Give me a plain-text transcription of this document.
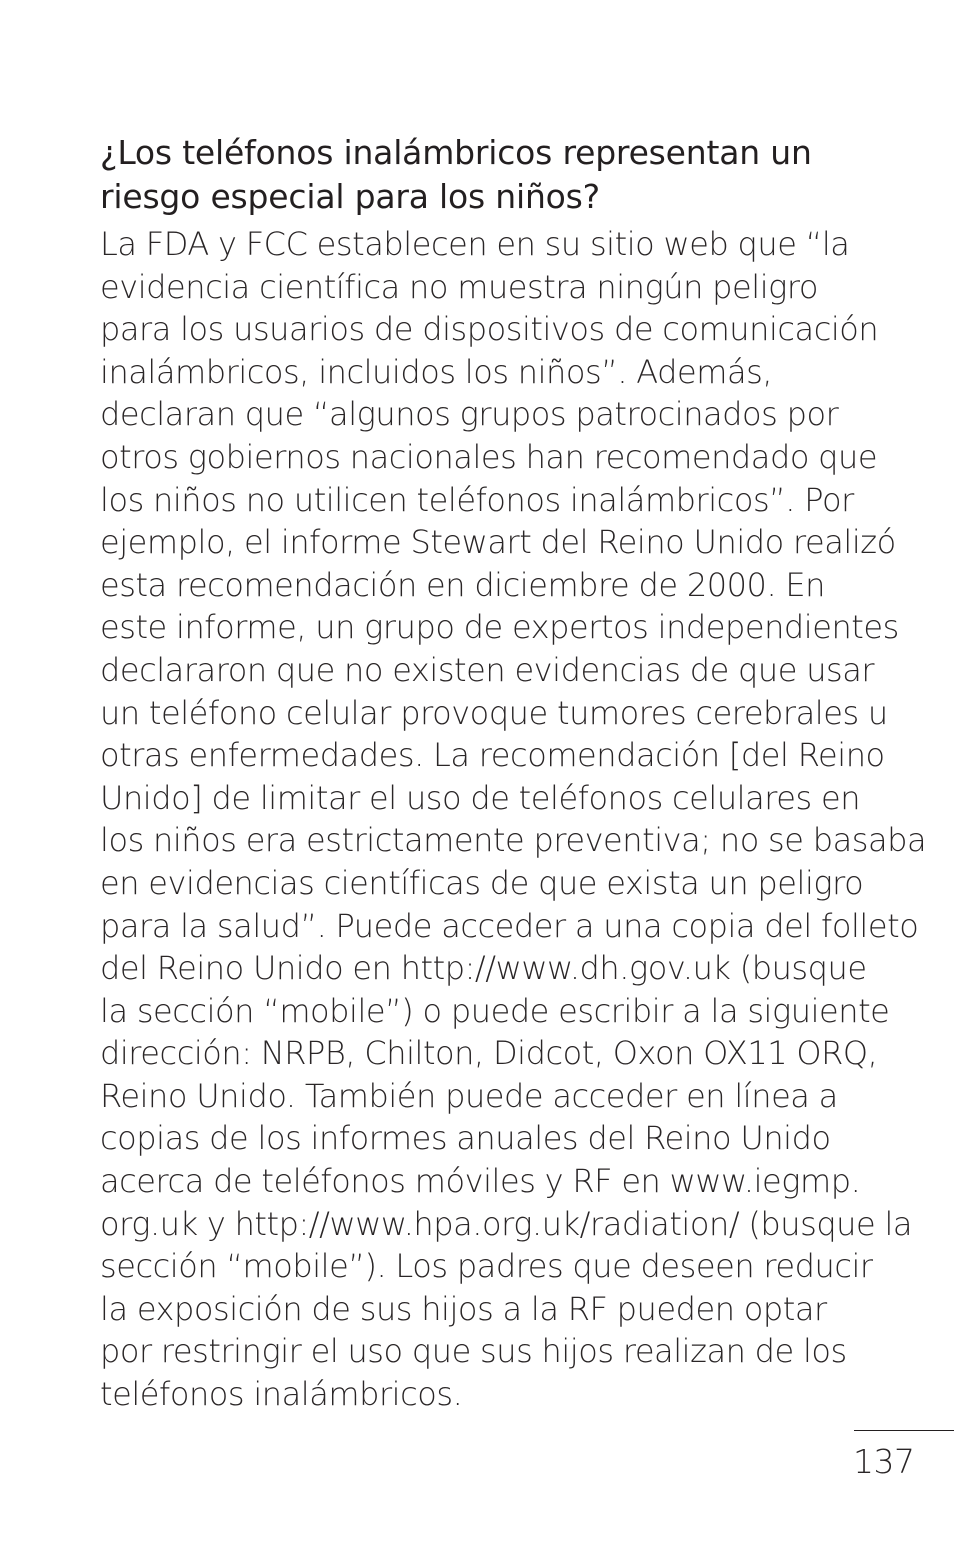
¿Los teléfonos inalámbricos representan un
riesgo especial para los niños?

La FDA y FCC establecen en su sitio web que “la
evidencia científica no muestra ningún peligro
para los usuarios de dispositivos de comunicación
inalámbricos, incluidos los niños”. Además,
declaran que “algunos grupos patrocinados por
otros gobiernos nacionales han recomendado que
los niños no utilicen teléfonos inalámbricos”. Por
ejemplo, el informe Stewart del Reino Unido realizó
esta recomendación en diciembre de 2000. En
este informe, un grupo de expertos independientes
declararon que no existen evidencias de que usar
un teléfono celular provoque tumores cerebrales u
otras enfermedades. La recomendación [del Reino
Unido] de limitar el uso de teléfonos celulares en
los niños era estrictamente preventiva; no se basaba
en evidencias científicas de que exista un peligro
para la salud”. Puede acceder a una copia del folleto
del Reino Unido en http://www.dh.gov.uk (busque
la sección “mobile”) o puede escribir a la siguiente
dirección: NRPB, Chilton, Didcot, Oxon OX11 ORQ,
Reino Unido. También puede acceder en línea a
copias de los informes anuales del Reino Unido
acerca de teléfonos móviles y RF en www.iegmp.
org.uk y http://www.hpa.org.uk/radiation/ (busque la
sección “mobile”). Los padres que deseen reducir
la exposición de sus hijos a la RF pueden optar
por restringir el uso que sus hijos realizan de los
teléfonos inalámbricos.

137
